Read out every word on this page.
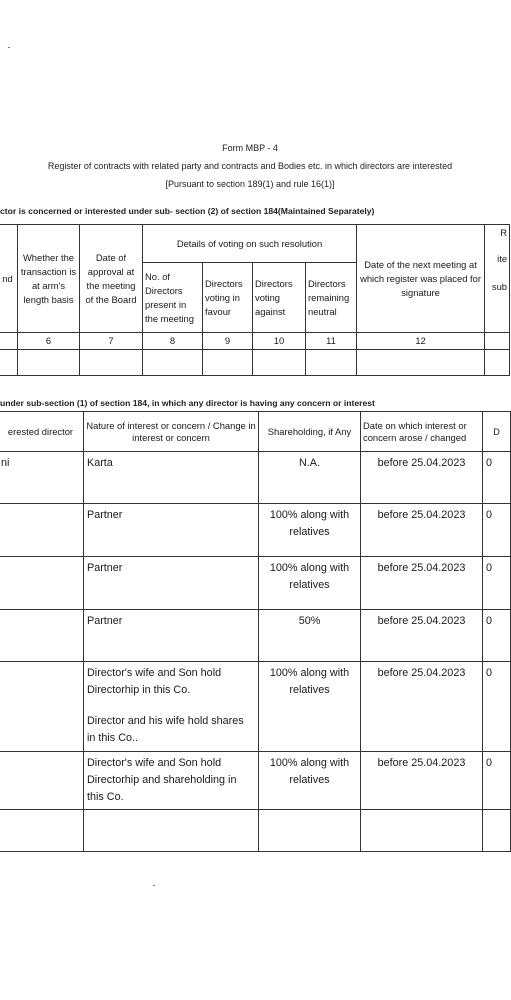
Form MBP - 4
Register of contracts with related party and contracts and Bodies etc. in which directors are interested
[Pursuant to section 189(1) and rule 16(1)]
ctor is concerned or interested under sub- section (2) of section 184(Maintained Separately)
nd	Whether the transaction is at arm's length basis	Date of approval at the meeting of the Board	Details of voting on such resolution				Date of the next meeting at which register was placed for signature	R
ite
sub

			No. of Directors present in the meeting	Directors voting in favour	Directors voting against	Directors remaining neutral		
	6	7	8	9	10	11	12	

under sub-section (1) of section 184, in which any director is having any concern or interest
erested director	Nature of interest or concern / Change in interest or concern	Shareholding, if Any	Date on which interest or concern arose / changed	D
ni	Karta	N.A.	before 25.04.2023	0
	Partner	100% along with relatives	before 25.04.2023	0
	Partner	100% along with relatives	before 25.04.2023	0
	Partner	50%	before 25.04.2023	0

	Director's wife and Son hold Directorhip in this Co.
Director and his wife hold shares in this Co..	100% along with relatives	before 25.04.2023	0
	Director's wife and Son hold Directorhip and shareholding in this Co.	100% along with relatives	before 25.04.2023	0
